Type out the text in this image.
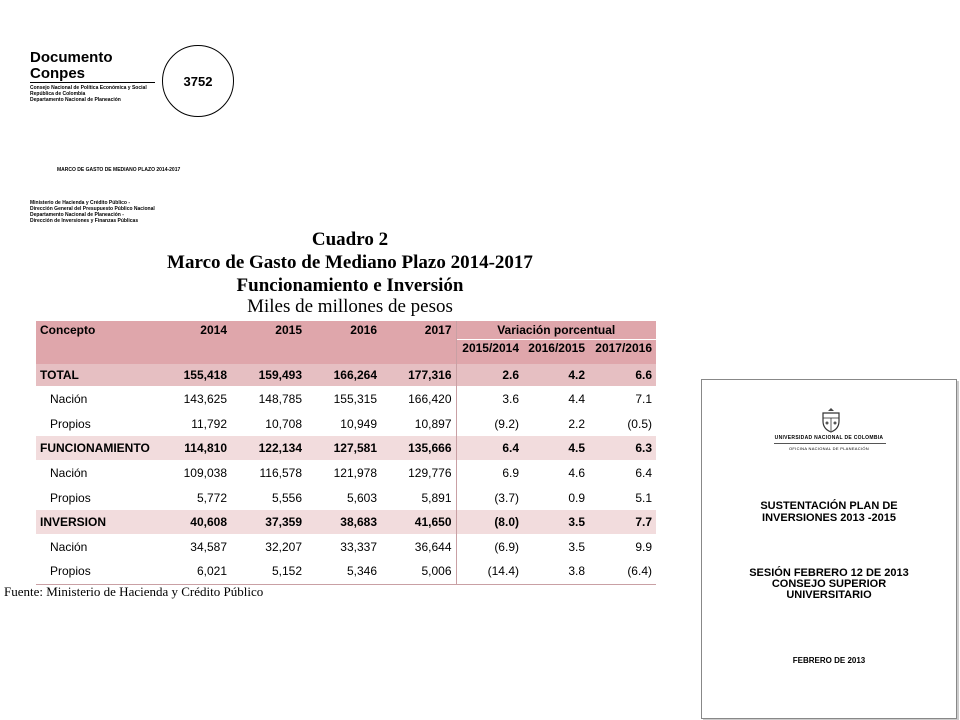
Documento
Conpes
Consejo Nacional de Política Económica y Social
República de Colombia
Departamento Nacional de Planeación
3752
MARCO DE GASTO DE MEDIANO PLAZO 2014-2017
Ministerio de Hacienda y Crédito Público -
Dirección General del Presupuesto Público Nacional
Departamento Nacional de Planeación -
Dirección de Inversiones y Finanzas Públicas
Cuadro 2
Marco de Gasto de Mediano Plazo 2014-2017
Funcionamiento e Inversión
Miles de millones de pesos
Concepto	2014	2015	2016	2017	Variación porcentual		
					2015/2014	2016/2015	2017/2016

TOTAL	155,418	159,493	166,264	177,316	2.6	4.2	6.6
Nación	143,625	148,785	155,315	166,420	3.6	4.4	7.1
Propios	11,792	10,708	10,949	10,897	(9.2)	2.2	(0.5)
FUNCIONAMIENTO	114,810	122,134	127,581	135,666	6.4	4.5	6.3
Nación	109,038	116,578	121,978	129,776	6.9	4.6	6.4
Propios	5,772	5,556	5,603	5,891	(3.7)	0.9	5.1
INVERSION	40,608	37,359	38,683	41,650	(8.0)	3.5	7.7
Nación	34,587	32,207	33,337	36,644	(6.9)	3.5	9.9
Propios	6,021	5,152	5,346	5,006	(14.4)	3.8	(6.4)
Fuente: Ministerio de Hacienda y Crédito Público
UNIVERSIDAD NACIONAL DE COLOMBIA
OFICINA NACIONAL DE PLANEACIÓN
SUSTENTACIÓN PLAN DE
INVERSIONES 2013 -2015
SESIÓN FEBRERO 12 DE 2013
CONSEJO SUPERIOR
UNIVERSITARIO
FEBRERO DE 2013
